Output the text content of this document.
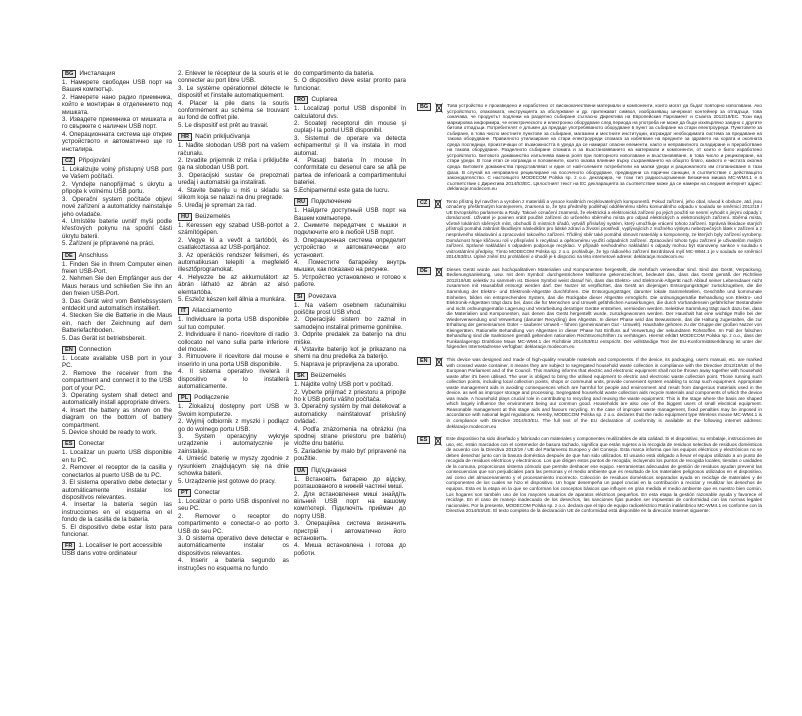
BG Инсталация
1. Намерете свободен USB порт на Вашия компютър.
2. Намерете нано радио приемника, който е монтиран в отделението под мишката.
3. Извадете приемника от мишката и го свържете с наличен USB порт.
4. Операционната система ще открие устройството и автоматично ще го инсталира.
CZ Připojování
1. Lokalizujte volný přístupný USB port ve Vašem počítači.
2. Vyndejte nanopřijímač s úkrytu a připojte k volnému USB portu.
3. Operační system počítače objeví nové zařízení a automaticky nainstaluje jeho ovladače.
4. Umístěte baterie uvnitř myši podle křesťových pokynu na spodní části úkrytu baterii.
5. Zařízení je připravené na práci.
DE Anschluss
1. Finden Sie in Ihrem Computer einen freien USB-Port.
2. Nehmen Sie den Empfänger aus der Maus heraus und schließen Sie ihn an den freien USB-Port.
3. Das Gerät wird vom Betriebssystem entdeckt und automatisch installiert.
4. Stecken Sie die Batterie in die Maus ein, nach der Zeichnung auf dem Batteriefachboden.
5. Das Gerät ist betriebsbereit.
EN Connection
1. Locate available USB port in your PC.
2. Remove the receiver from the compartment and connect it to the USB port of your PC.
3. Operating system shall detect and automatically install appropriate drivers.
4. Insert the battery as shown on the diagram on the bottom of battery compartment.
5. Device should be ready to work.
ES Conectar
1. Localizar un puerto USB disponible en tu PC.
2. Remover el receptor de la casilla y conectarlos al puerto USB de tu PC.
3. El sistema operativo debe detectar y automáticamente instalar los dispositivos relevantes.
4. Insertar la batería según las instrucciones en el esquema en el fondo de la casilla de la batería.
5. El dispositivo debe estar listo para funcionar.
FR 1. Localiser le port accessible USB dans votre ordinateur
2. Enlever le récepteur de la souris et le connecter au port libre USB.
3. Le système opérationnel détecte le dispositif et l’installe automatiquement.
4. Placer la pile dans la souris conformément au schéma se trouvant au fond de coffret pile.
5. Le dispositif est prêt au travail.
HR Način priključivanja
1. Nađite slobodan USB port na vašem računalu.
2. Izvadite prijemnik iz miša i priključite ga na slobodan USB port.
3. Operacijski sustav će prepoznati uređaj i automatski ga instalirati.
4. Stavite bateriju u miš u skladu sa slikom koja se nalazi na dnu pregrade.
5. Uređaj je spreman za rad.
HU Beüzemelés
1. Keressen egy szabad USB-portot a számítógépen.
2. Vegye ki a vevőt a tartóból, és csatlakoztassa az USB-portjához.
3. Az operációs rendszer felismeri, és automatikusan telepíti a megfelelő illesztőprogramokat.
4. Helyezze be az akkumulátort az ábrán látható az ábrán az alsó elemtartóba.
5. Eszköz készen kell állnia a munkára.
IT Allacciamento
1. Individuare la porta USB disponibile sul tuo computer.
2. Individuare il nano- ricevitore di radio collocato nel vano sulla parte inferiore del mouse.
3. Rimuovere il ricevitore dal mouse e inserirlo in una porta USB disponibile.
4. Il sistema operativo rivelerà il dispositivo e lo installerà automaticamente.
PL Podłączenie
1. Zlokalizuj dostępny port USB w Swoim komputerze.
2. Wyjmij odbiornik z myszki i podłącz go do wolnego portu USB.
3. System operacyjny wykryje urządzenie i automatycznie je zainstaluje.
4. Umieść baterię w myszy zgodnie z rysunkiem znajdującym się na dnie schowka baterii.
5. Urządzenie jest gotowe do pracy.
PT Conectar
1. Localizar o porto USB disponível no seu PC.
2. Remover o receptor do compartimento e conectar-o ao porto USB do seu PC.
3. O sistema operativo deve detectar e automáticamente instalar os dispositivos relevantes.
4. Inserir a bateria segundo as instruções no esquema no fundo
do compartimento da bateria.
5. O dispositivo deve estar pronto para funcionar.
RO Cuplarea
1. Localizaţi portul USB disponibil în calculatorul dvs.
2. Scoateţi receptorul din mouse şi cuplaţi-l la portul USB disponibil.
3. Sistemul de operare va detecta echipamentul şi îl va instala în mod automat.
4. Plasaţi bateria în mouse în conformitate cu desenul care se află pe partea de inferioară a compartimentului bateriei.
5.Echipamentul este gata de lucru.
RU Подключение
1. Найдите доступный USB порт на Вашем компьютере.
2. Снимите передатчик с мышки и подключите его в любой USB порт.
3. Операционная система определит устройство и автоматически его установит.
4. Поместите батарейку внутрь мышки, как показано на рисунке.
5. Устройство установлено и готово к работе.
SI Povezava
1. Na vašem osebnem računalniku poiščite prost USB vhod.
2. Operacijski sistem bo zaznal in samodejno instaliral primerne gonilnike.
3. Odprite predalek za baterijo na dnu miške.
4. Vstavite baterijo kot je prikazano na shemi na dnu predelka za baterijo.
5. Naprava je pripravljena za uporabo.
SK Beüzemelés
1. Nájdite voľný USB port v počítači.
2. Vyberte prijímač z priestoru a pripojte ho k USB portu vášho počítača.
3. Operačný systém by mal detekovať a automaticky nainštalovať príslušný ovládač.
4. Podľa znázornenia na obrázku (na spodnej strane priestoru pre batériu) vložte dnu batériu.
5. Zariadenie by malo byť pripravené na použitie.
UA Під'єднання
1. Встановіть батарею до відсіку, розташованого в нижній частині миші.
2. Для встановлення миші знайдіть вільний USB порт на вашому комп'ютері. Підключіть приймач до порту USB.
3. Операційна система визначить пристрій і автоматично його встановить.
4. Миша встановлена і готова до роботи.
BG	Това устройство е произведено и изработено от висококачествени материали и компоненти, които могат да бъдат повторно използвани. Ако устройството, опаковката, инструкцията за обслужване и др. притежават символ, изобразяващ зачеркнат контейнер за отпадъци, това означава, че продуктът подлежи на разделно събиране съгласно Директива на Европейския Парламент и Съвета 2012/19/ЕС. Този вид маркировка информира, че електрическото и електронно оборудване след периода на употреба не може да бъде изхвърляно заедно с другите битови отпадъци. Потребителят е длъжен да предаде употребяваното оборудване в пункт за събиране на стари електроуреди. Пунктовете за събиране, в това число местните пунктове за събиране, магазини и местните институции, изграждат необходимата система за предаване на такова оборудване. Правилното утилизиране на стари електроуреди спомага за избягване на вредните за здравето на хората и околната среда последици, произтичащи от възможността в уреда да се намират опасни елементи, както и неправилното складиране и преработване на такова оборудване. Разделното събиране спомага и за възстановяването на материали и компоненти, от които е било изработено устройството. Битовото домакинство изпълнява важна роля при повторното използване и възстановяване, в това число и рециклиране, на стари уреди. В този етап се изгражда и положените, които оказва влияние върху съхраняването на общото благо, каквото е чистата околна среда. Битовите домакинства представляват и един от най-големите потребители на малки уреди и рационалното им стопанисване в тази фаза. В случай на неправилно рециклиране на посоченото оборудване, предвидени са парични санкции, в съответствие с действащото законодателство. С настоящото MODECOM Polska sp. z o.o. декларира, че този тип радиосъоръжение Безжична мишка MC-WM4.1 е в съответствие с Директива 2014/53/ЕС. Цялостният текст на ЕС декларацията за съответствие може да се намери на следния интернет адрес: deklaracje.modecom.eu
CZ	Tento přístroj byl navržen a vyroben z materiálů a vysoce kvalitních recyklovatelných komponentů. Pokud zařízení, jeho obal, návod k obsluze, atd. jsou označeny přeškrtnutým kontejnerem, znamená to, že tyto předměty podléhají oddělenému sběru komunálního odpadu v souladu se směrnicí 2012/19 / UE Evropského parlamentu a Rady. Takové označení znamená, že elektrická a elektronická zařízení po jejich použití se nesmí vyhodit s jinými odpady z domácností. Uživatel je povinen vrátit použité zařízení do určeného sběrného místa pro odpad elektrických a elektronických zařízení. Sběrná místa, včetně lokálních sběrných míst, obchodů či místních úřadů, vytváří příslušný systém, který umožňuje vrácení tohoto zařízení. Správná likvidace starých přístrojů pomáhá zabránit škodlivým následkům pro lidské zdraví a životní prostředí, vyplývajících z možného výskytu nebezpečných látek v zařízení a z nesprávného skladování a zpracování takového zařízení. Tříděný sběr také pomáhá obnovit materiály a komponenty, ze kterých byly zařízení vyrobeny. Domácnost hraje klíčovou roli v přispívání k recyklaci a opětovnému využití odpadních zařízení. Zpracování tohoto typu zařízení je uživatelům malých zařízení. Správné nakládání s odpadem podporuje recyklaci. V případě nevhodného nakládání s odpady mohou být stanoveny sankce v souladu s vnitrostátními předpisy. Tímto MODECOM Polska sp. z o.o. prohlašuje, že typ rádiového zařízení Bezdrátová myš MC-WM4.1 je v souladu se směrnicí 2014/53/EU. Úplné znění EU prohlášení o shodě je k dispozici na této internetové adrese: deklaracje.modecom.eu
DE	Dieses Gerät wurde aus hochqualitativen Materialien und Komponenten hergestellt, die mehrfach verwendbar sind. Sind das Gerät, Verpackung, Bedienungsanleitung, usw. mit dem Symbol: durchgestrichene Mülltonne gekennzeichnet, bedeutet das, dass das Gerät gemäß der Richtlinie 2012/19/UE selektiv zu sammeln ist. Dieses Symbol weist darauf hin, dass das Elektro- und Elektronik-Altgerät nach Ablauf seiner Lebensdauer nicht zusammen mit Hausabfall entsorgt werden darf. Der Nutzer ist verpflichtet, das Gerät an diejenigen Entsorgungsträger zurückzugeben, die die Sammlung der Elektro- und Elektronik-Altgeräte durchführen. Die Entsorgungsträger, darunter lokale Sammelstellen, Geschäfte und kommunale Einheiten, bilden ein entsprechendes System, das die Rückgabe dieser Altgeräte ermöglicht. Die ordnungsgemäße Behandlung von Elektro- und Elektronik-Altgeräten trägt dazu bei, dass die für Menschen und Umwelt gefährlichen Auswirkungen, die durch Vorhandensein gefährlicher Bestandteile und nicht ordnungsgemäße Lagerung und Verarbeitung derartiger Geräte entstehen, vermieden werden. Selektive Sammlung trägt auch dazu bei, dass die Materialien und Komponenten, aus denen das Gerät hergestellt wurde, zurückgewonnen werden. Der Haushalt hat eine wichtige Rolle bei der Wiederverwendung und Verwertung (darunter Recycling) des Altgeräts. In dieser Phase wird das Bewusstsein, das die Haltung zugestalten, die zur Erhaltung der gemeinsamen Güter – sauberer Umwelt – führen (gemeinsamen Gut - Umwelt). Haushalte gehören zu der Gruppe der großen Nutzer von Kleingeräten. Rationelle Behandlung von Altgeräten in dieser Phase hat Einfluss auf Verwertung der sekundären Rohstoffen. Im Fall der falschen Behandlung sind die Sanktionen gemäß geltenden nationalen Rechtsvorschriften zu verhängen. Hiermit erklärt MODECOM Polska sp. z o.o., dass der Funkanlagentyp Drahtlose Maus MC-WM4.1 der Richtlinie 2014/53/EU entspricht. Der vollständige Text der EU-Konformitätserklärung ist unter der folgenden Internetadresse verfügbar: deklaracje.modecom.eu
EN	This device was designed and made of high-quality reusable materials and components. If the device, its packaging, user's manual, etc. are marked with crossed waste container, it means they are subject to segregated household waste collection in compliance with the Directive 2012/19/UE of the European Parliament and of the Council. This marking informs that electric and electronic equipment shall not be thrown away together with household waste after it's been utilised. The user is obliged to bring the utilised equipment to electric and electronic waste collection point. Those running such collection points, including local collection points, shops or communal units, provide convenient system enabling to scrap such equipment. Appropriate waste management aids in avoiding consequences which are harmful for people and environment and result from dangerous materials used in the device, as well as improper storage and processing. Segregated household waste collection aids recycle materials and components of which the device was made. A household plays crucial role in contributing to recycling and reusing the waste equipment. This is the stage where the basis are shaped which largely influence the environment being our common good. Households are also one of the biggest users of small electrical equipment. Reasonable management at this stage aids and favours recycling. In the case of improper waste management, fixed penalties may be imposed in accordance with national legal regulations. Hereby, MODECOM Polska sp. z o.o. declares that the radio equipment type Wireless mouse MC-WM4.1 is in compliance with Directive 2014/53/EU. The full text of the EU declaration of conformity is available at the following internet address: deklaracje.modecom.eu
ES	Este dispositivo ha sido diseñado y fabricado con materiales y componentes reutilizables de alta calidad. Si el dispositivo, su embalaje, instrucciones de uso, etc. están marcados con el contenedor de basura tachado, significa que están sujetos a la recogida de residuos selectiva de residuos domésticos de acuerdo con la Directiva 2012/19 / UE del Parlamento Europeo y del Consejo. Esta marca informa que los equipos eléctricos y electrónicos no se deben desechar junto con la basura doméstica después de que han sido utilizados. El usuario está obligado a llevar el equipo utilizado a un punto de recogida de residuos eléctricos y electrónicos. Los que dirigen estos puntos de recogida, incluyendo los puntos de recogida locales, tiendas o unidades de la comuna, proporcionan sistema cómodo que permite deshacer ese equipo. Herramientas adecuadas de gestión de residuos ayudan prevenir las consecuencias que son perjudiciales para las personas y el medio ambiente que es resultado de los materiales peligrosos utilizados en el dispositivo, así como del almacenamiento y el procesamiento incorrecto. Colección de residuos domésticos separados ayuda en reciclaje de materiales y de componentes de los cuales se hizo el dispositivo. Un hogar desempeña un papel crucial en la contribución a reciclar y reutilizar los desechos de equipos. Esta es la etapa en la que se conforman los conceptos básicos que influyen en gran medida el medio ambiente que es nuestro bien común. Los hogares son también uno de los mayores usuarios de aparatos eléctricos pequeños. En esta etapa la gestión razonable ayuda y favorece el reciclaje. En el caso de manejo inadecuado de los desechos, las sanciones fijas pueden ser impuestas de conformidad con las normas legales nacionales. Por la presente, MODECOM Polska sp. z o.o. declara que el tipo de equipo radioeléctrico Ratón inalámbrico MC-WM4.1 es conforme con la Directiva 2014/53/UE. El texto completo de la declaración UE de conformidad está disponible en la dirección Internet siguiente:
